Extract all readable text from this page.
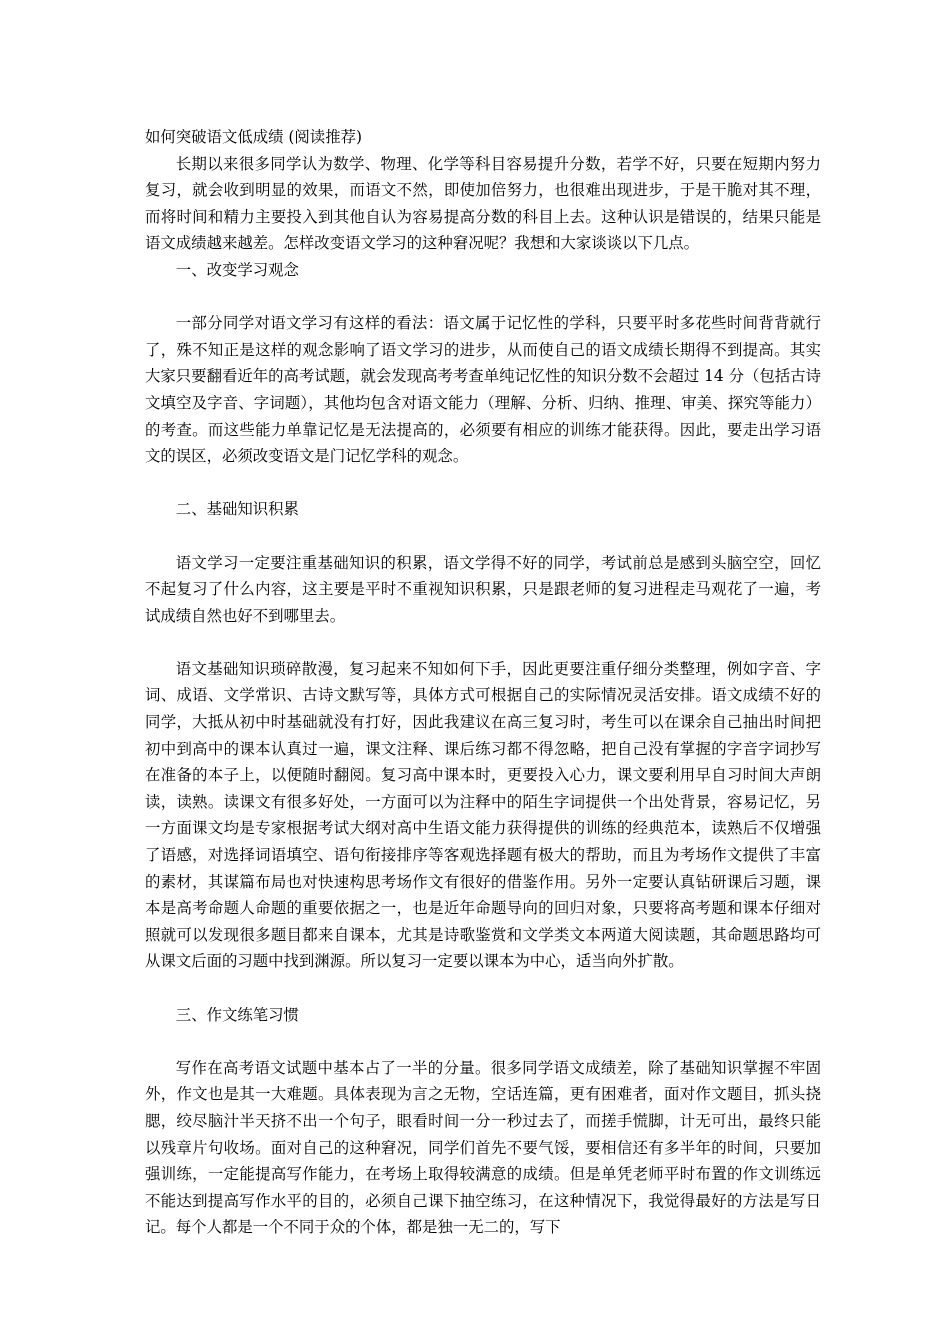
如何突破语文低成绩 (阅读推荐)

长期以来很多同学认为数学、物理、化学等科目容易提升分数，若学不好，只要在短期内努力复习，就会收到明显的效果，而语文不然，即使加倍努力，也很难出现进步，于是干脆对其不理，而将时间和精力主要投入到其他自认为容易提高分数的科目上去。这种认识是错误的，结果只能是语文成绩越来越差。怎样改变语文学习的这种窘况呢？我想和大家谈谈以下几点。

一、改变学习观念

一部分同学对语文学习有这样的看法：语文属于记忆性的学科，只要平时多花些时间背背就行了，殊不知正是这样的观念影响了语文学习的进步，从而使自己的语文成绩长期得不到提高。其实大家只要翻看近年的高考试题，就会发现高考考查单纯记忆性的知识分数不会超过 14 分（包括古诗文填空及字音、字词题），其他均包含对语文能力（理解、分析、归纳、推理、审美、探究等能力）的考查。而这些能力单靠记忆是无法提高的，必须要有相应的训练才能获得。因此，要走出学习语文的误区，必须改变语文是门记忆学科的观念。

二、基础知识积累

语文学习一定要注重基础知识的积累，语文学得不好的同学，考试前总是感到头脑空空，回忆不起复习了什么内容，这主要是平时不重视知识积累，只是跟老师的复习进程走马观花了一遍，考试成绩自然也好不到哪里去。

语文基础知识琐碎散漫，复习起来不知如何下手，因此更要注重仔细分类整理，例如字音、字词、成语、文学常识、古诗文默写等，具体方式可根据自己的实际情况灵活安排。语文成绩不好的同学，大抵从初中时基础就没有打好，因此我建议在高三复习时，考生可以在课余自己抽出时间把初中到高中的课本认真过一遍，课文注释、课后练习都不得忽略，把自己没有掌握的字音字词抄写在准备的本子上，以便随时翻阅。复习高中课本时，更要投入心力，课文要利用早自习时间大声朗读，读熟。读课文有很多好处，一方面可以为注释中的陌生字词提供一个出处背景，容易记忆，另一方面课文均是专家根据考试大纲对高中生语文能力获得提供的训练的经典范本，读熟后不仅增强了语感，对选择词语填空、语句衔接排序等客观选择题有极大的帮助，而且为考场作文提供了丰富的素材，其谋篇布局也对快速构思考场作文有很好的借鉴作用。另外一定要认真钻研课后习题，课本是高考命题人命题的重要依据之一，也是近年命题导向的回归对象，只要将高考题和课本仔细对照就可以发现很多题目都来自课本，尤其是诗歌鉴赏和文学类文本两道大阅读题，其命题思路均可从课文后面的习题中找到渊源。所以复习一定要以课本为中心，适当向外扩散。

三、作文练笔习惯

写作在高考语文试题中基本占了一半的分量。很多同学语文成绩差，除了基础知识掌握不牢固外，作文也是其一大难题。具体表现为言之无物，空话连篇，更有困难者，面对作文题目，抓头挠腮，绞尽脑汁半天挤不出一个句子，眼看时间一分一秒过去了，而搓手慌脚，计无可出，最终只能以残章片句收场。面对自己的这种窘况，同学们首先不要气馁，要相信还有多半年的时间，只要加强训练，一定能提高写作能力，在考场上取得较满意的成绩。但是单凭老师平时布置的作文训练远不能达到提高写作水平的目的，必须自己课下抽空练习，在这种情况下，我觉得最好的方法是写日记。每个人都是一个不同于众的个体，都是独一无二的，写下
